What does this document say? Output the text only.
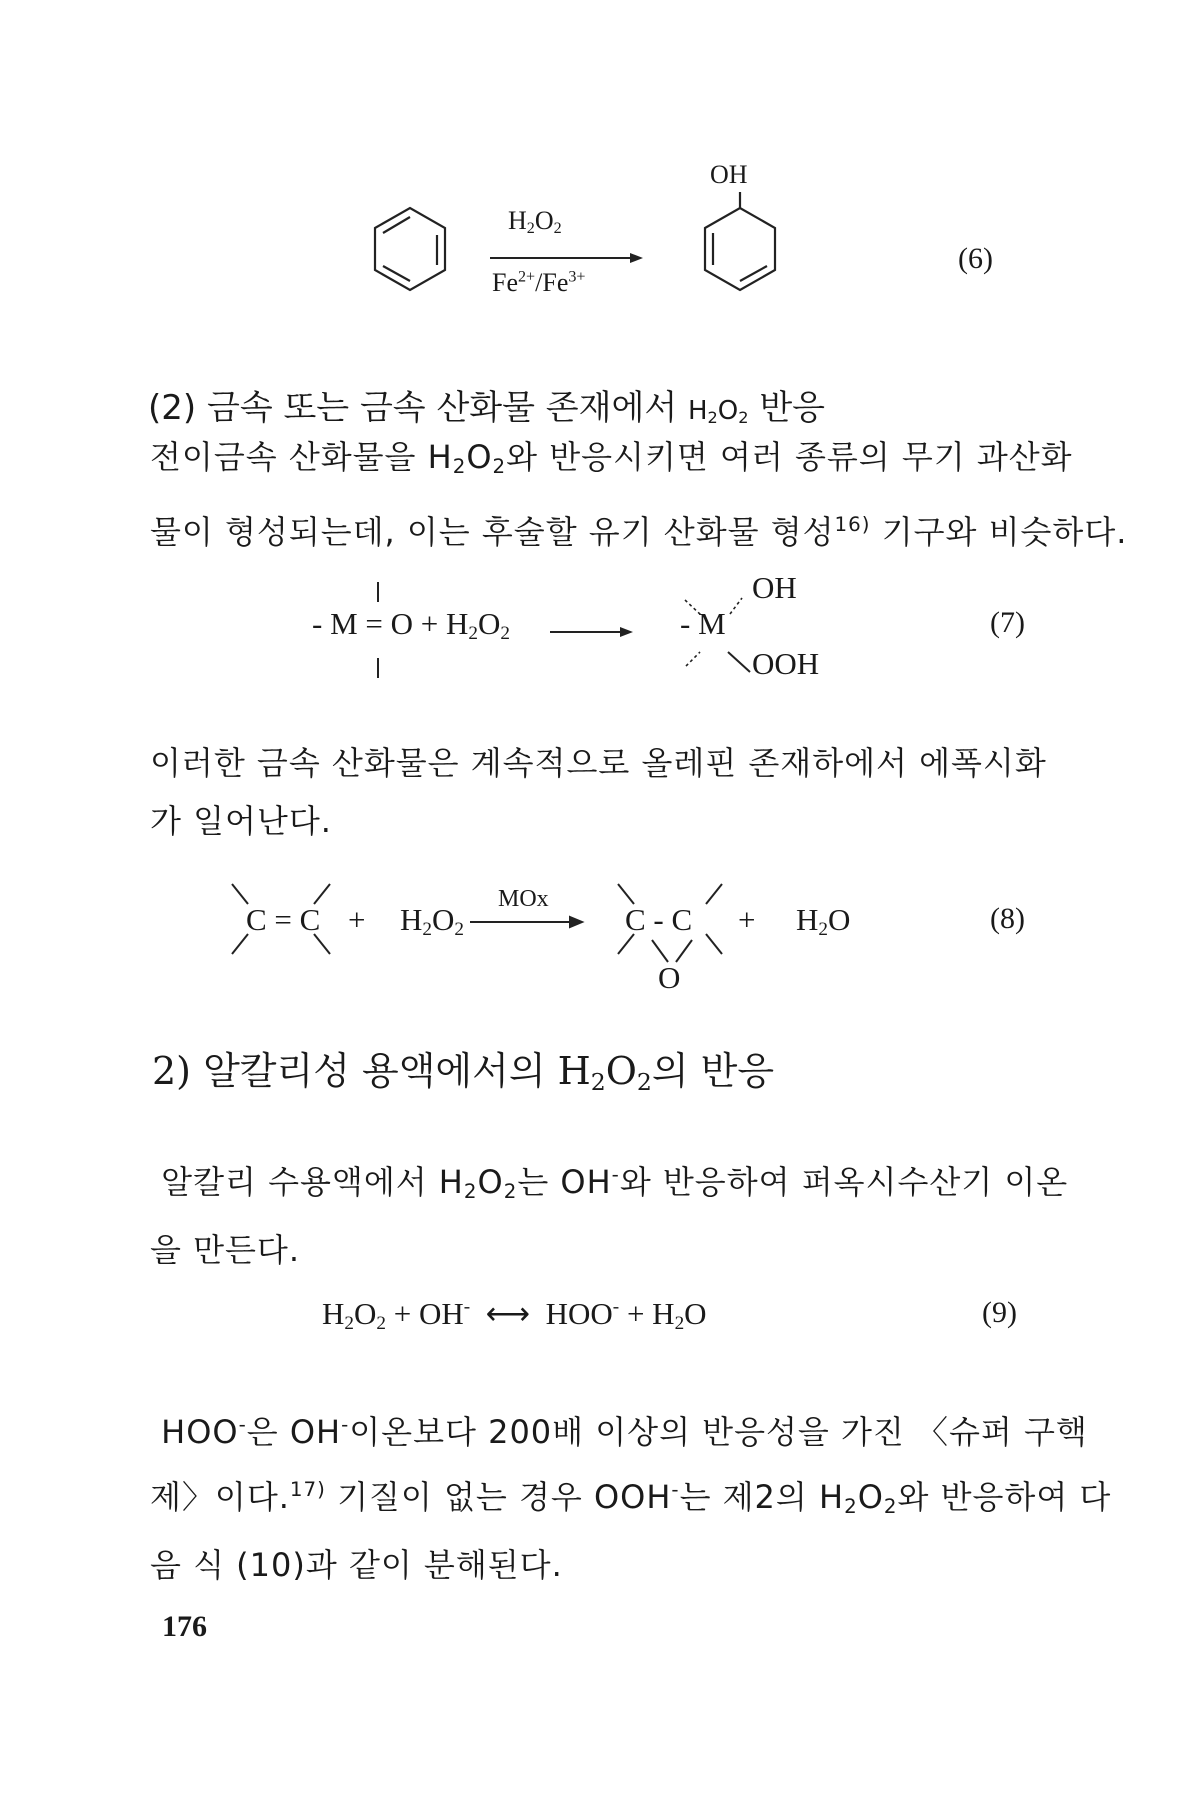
$H_2O_2$
$Fe^{2+}/Fe^{3+}$
OH
(6)
(2) 금속 또는 금속 산화물 존재에서 $H_2O_2$ 반응
전이금속 산화물을 $H_2O_2$와 반응시키면 여러 종류의 무기 과산화
물이 형성되는데, 이는 후술할 유기 산화물 형성$^{16)}$ 기구와 비슷하다.
- $M = O + H_2O_2$	- M
OH
OOH
(7)
이러한 금속 산화물은 계속적으로 올레핀 존재하에서 에폭시화
가 일어난다.
$C = C + H_2O_2$
MOx
C - C
O
+ $H_2O$	(8)
2) 알칼리성 용액에서의 $H_2O_2$의 반응
알칼리 수용액에서 $H_2O_2$는 OH-와 반응하여 퍼옥시수산기 이온
을 만든다.
$H_2O_2 + OH^-$  ⟷  $HOO^- + H_2O$	(9)
HOO-은 OH-이온보다 200배 이상의 반응성을 가진 〈슈퍼 구핵
제〉이다.$^{17)}$ 기질이 없는 경우 OOH-는 제2의 $H_2O_2$와 반응하여 다
음 식 (10)과 같이 분해된다.
176
